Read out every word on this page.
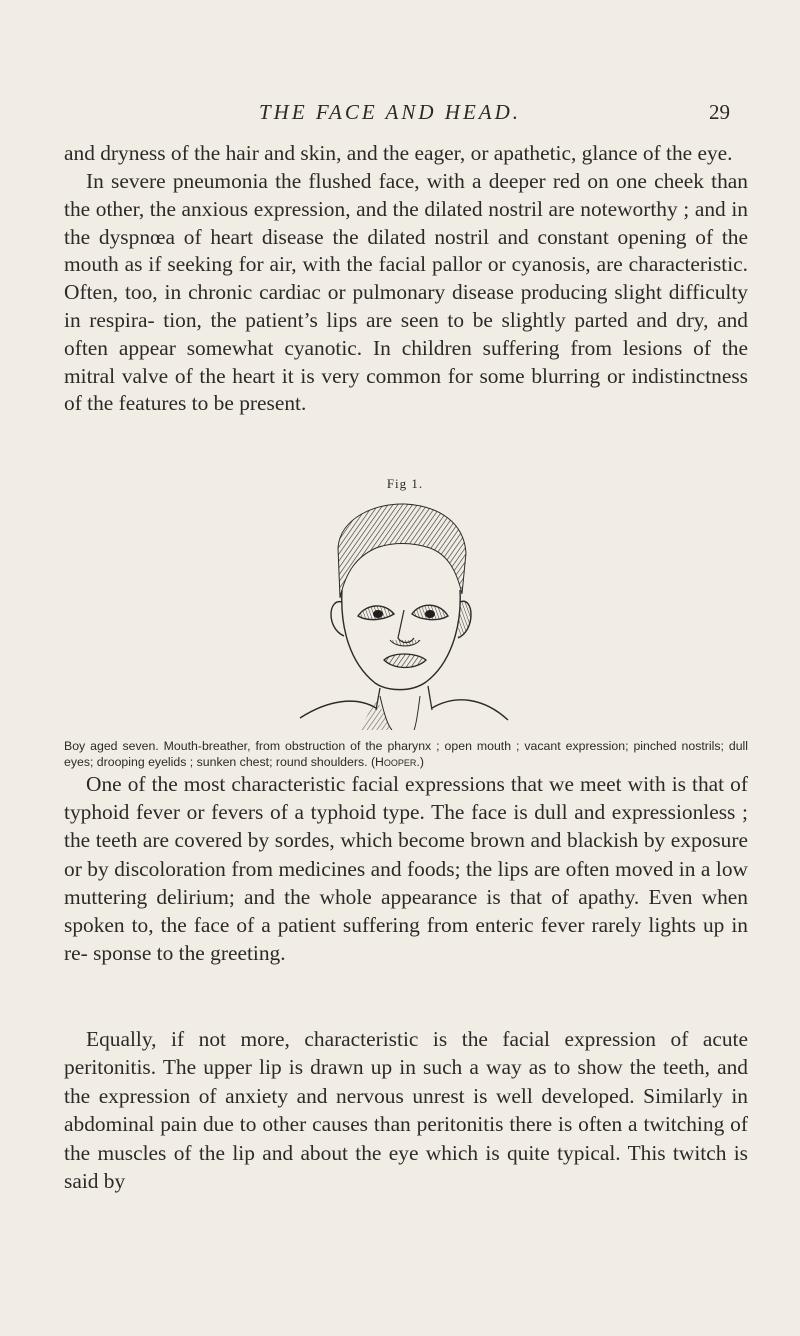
THE FACE AND HEAD.	29

and dryness of the hair and skin, and the eager, or apathetic, glance of the eye.

In severe pneumonia the flushed face, with a deeper red on one cheek than the other, the anxious expression, and the dilated nostril are noteworthy ; and in the dyspnœa of heart disease the dilated nostril and constant opening of the mouth as if seeking for air, with the facial pallor or cyanosis, are characteristic. Often, too, in chronic cardiac or pulmonary disease producing slight difficulty in respira- tion, the patient’s lips are seen to be slightly parted and dry, and often appear somewhat cyanotic. In children suffering from lesions of the mitral valve of the heart it is very common for some blurring or indistinctness of the features to be present.

Fig 1.

Boy aged seven. Mouth-breather, from obstruction of the pharynx ; open mouth ; vacant expression; pinched nostrils; dull eyes; drooping eyelids ; sunken chest; round shoulders. (Hooper.)

One of the most characteristic facial expressions that we meet with is that of typhoid fever or fevers of a typhoid type. The face is dull and expressionless ; the teeth are covered by sordes, which become brown and blackish by exposure or by discoloration from medicines and foods; the lips are often moved in a low muttering delirium; and the whole appearance is that of apathy. Even when spoken to, the face of a patient suffering from enteric fever rarely lights up in re- sponse to the greeting.

Equally, if not more, characteristic is the facial expression of acute peritonitis. The upper lip is drawn up in such a way as to show the teeth, and the expression of anxiety and nervous unrest is well developed. Similarly in abdominal pain due to other causes than peritonitis there is often a twitching of the muscles of the lip and about the eye which is quite typical. This twitch is said by
